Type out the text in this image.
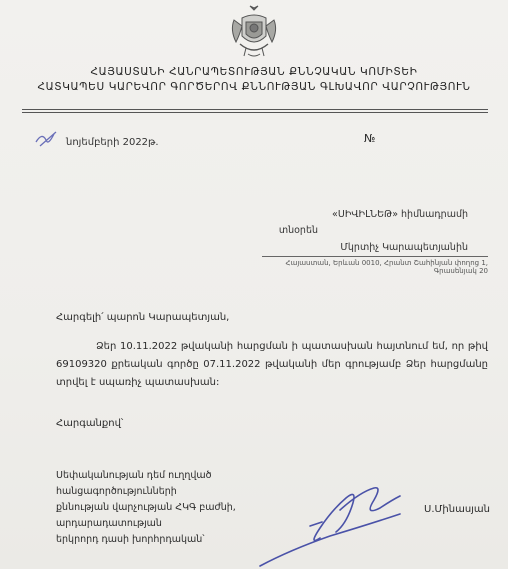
ՀԱՅԱՍՏԱՆԻ ՀԱՆՐԱՊԵՏՈՒԹՅԱՆ ՔՆՆՉԱԿԱՆ ԿՈՄԻՏԵԻ
ՀԱՏԿԱՊԵՍ ԿԱՐԵՎՈՐ ԳՈՐԾԵՐՈՎ ՔՆՆՈՒԹՅԱՆ ԳԼԽԱՎՈՐ ՎԱՐՉՈՒԹՅՈՒՆ
նոյեմբերի 2022թ.	№
«ՍԻՎԻԼՆԵԹ» հիմնադրամի
տնօրեն
Մկրտիչ Կարապետյանին
Հայաստան, Երևան 0010, Հրանտ Շահինյան փողոց 1, Գրասենյակ 20
Հարգելի՛ պարոն Կարապետյան,
Ձեր 10.11.2022 թվականի հարցման ի պատասխան հայտնում եմ, որ թիվ 69109320 քրեական գործը 07.11.2022 թվականի մեր գրությամբ Ձեր հարցմանը տրվել է սպառիչ պատասխան:
Հարգանքով՝
Սեփականության դեմ ուղղված հանցագործությունների
քննության վարչության ՀԿԳ բաժնի, արդարադատության
երկրորդ դասի խորհրդական՝
Ս.Մինասյան
